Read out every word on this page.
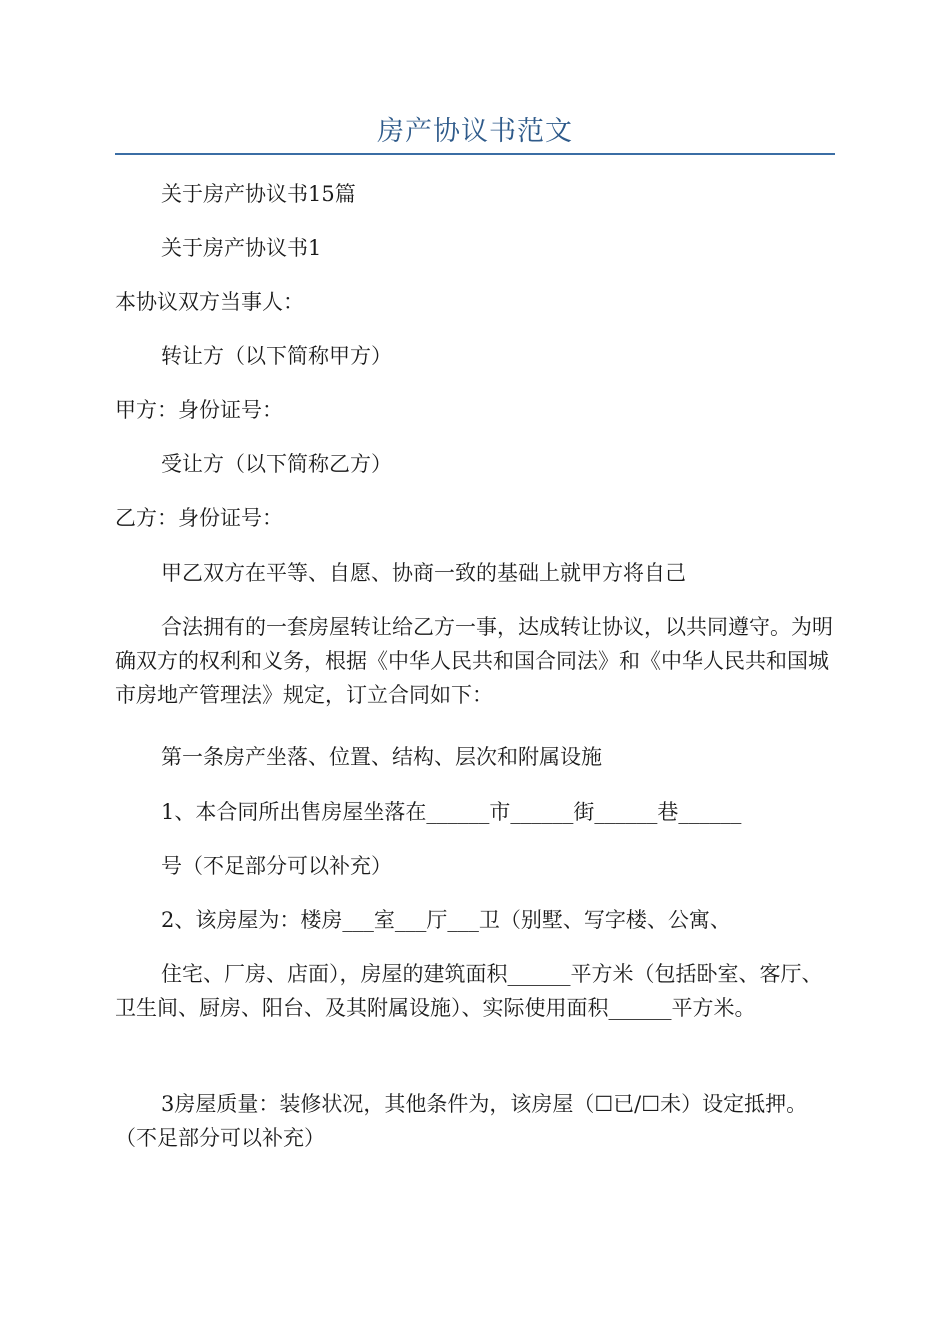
房产协议书范文

关于房产协议书15篇

关于房产协议书1

本协议双方当事人：

转让方（以下简称甲方）

甲方：身份证号：

受让方（以下简称乙方）

乙方：身份证号：

甲乙双方在平等、自愿、协商一致的基础上就甲方将自己

合法拥有的一套房屋转让给乙方一事，达成转让协议，以共同遵守。为明确双方的权利和义务，根据《中华人民共和国合同法》和《中华人民共和国城市房地产管理法》规定，订立合同如下：

第一条房产坐落、位置、结构、层次和附属设施

1、本合同所出售房屋坐落在______市______街______巷______

号（不足部分可以补充）

2、该房屋为：楼房___室___厅___卫（别墅、写字楼、公寓、

住宅、厂房、店面），房屋的建筑面积______平方米（包括卧室、客厅、卫生间、厨房、阳台、及其附属设施）、实际使用面积______平方米。

3房屋质量：装修状况，其他条件为，该房屋（☐已/☐未）设定抵押。（不足部分可以补充）
